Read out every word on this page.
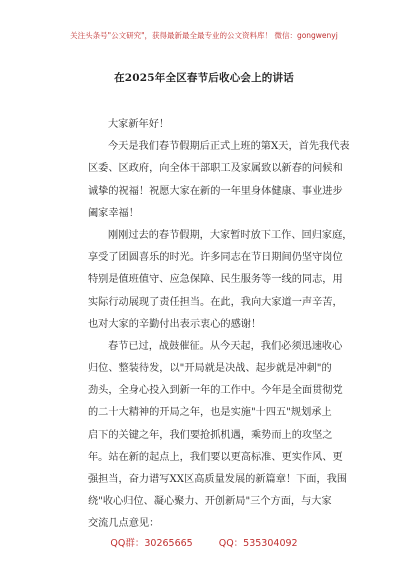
关注头条号"公文研究"，获得最新最全最专业的公文资料库！ 微信：gongwenyj
在2025年全区春节后收心会上的讲话
大家新年好！
今天是我们春节假期后正式上班的第X天，首先我代表
区委、区政府，向全体干部职工及家属致以新春的问候和
诚挚的祝福！祝愿大家在新的一年里身体健康、事业进步
阖家幸福！
刚刚过去的春节假期，大家暂时放下工作、回归家庭，
享受了团圆喜乐的时光。许多同志在节日期间仍坚守岗位
特别是值班值守、应急保障、民生服务等一线的同志，用
实际行动展现了责任担当。在此，我向大家道一声辛苦，
也对大家的辛勤付出表示衷心的感谢！
春节已过，战鼓催征。从今天起，我们必须迅速收心
归位、整装待发，以"开局就是决战、起步就是冲刺"的
劲头，全身心投入到新一年的工作中。今年是全面贯彻党
的二十大精神的开局之年，也是实施"十四五"规划承上
启下的关键之年，我们要抢抓机遇，乘势而上的攻坚之
年。站在新的起点上，我们要以更高标准、更实作风、更
强担当，奋力谱写XX区高质量发展的新篇章！下面，我围
绕"收心归位、凝心聚力、开创新局"三个方面，与大家
交流几点意见：
QQ群：30265665	QQ：535304092
